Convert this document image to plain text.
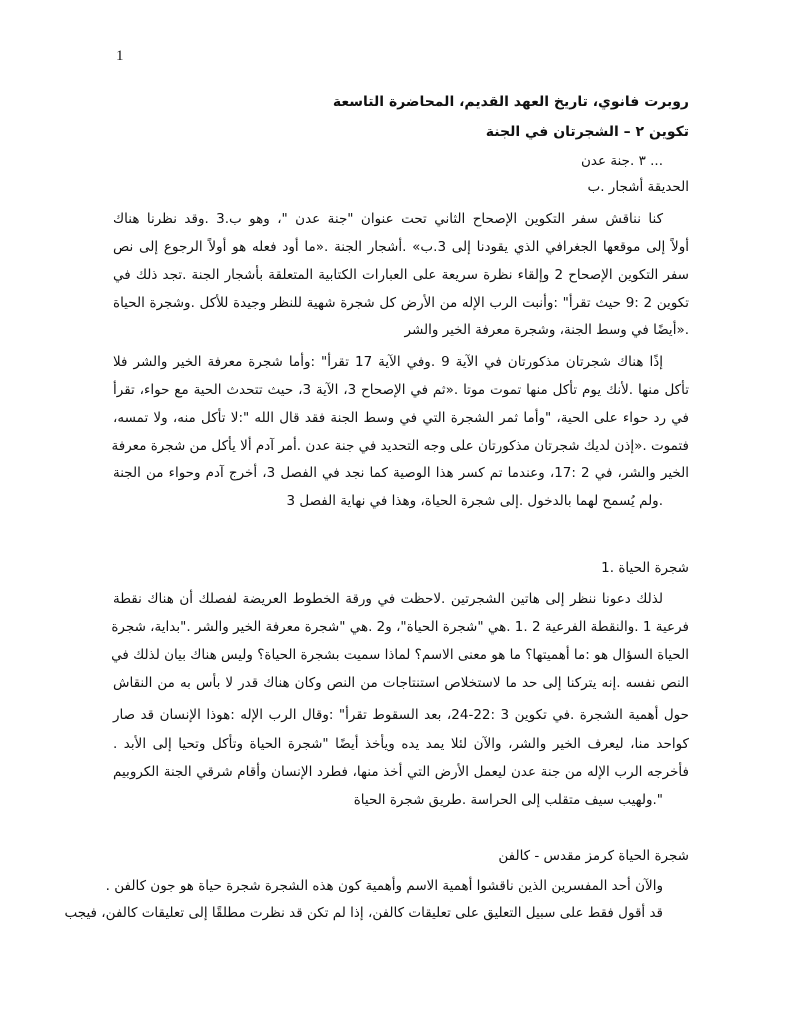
1
روبرت فانوي، تاريخ العهد القديم، المحاضرة التاسعة
تكوين ٢ – الشجرتان في الجنة
... ٣ .جنة عدن
الحديقة أشجار .ب
كنا نناقش سفر التكوين الإصحاح الثاني تحت عنوان "جنة عدن "، وهو ب.3 .وقد نظرنا هناك
أولاً إلى موقعها الجغرافي الذي يقودنا إلى 3.ب» .أشجار الجنة .«ما أود فعله هو أولاً الرجوع إلى نص
سفر التكوين الإصحاح 2 وإلقاء نظرة سريعة على العبارات الكتابية المتعلقة بأشجار الجنة .تجد ذلك في
تكوين 2 :9 حيث تقرأ" :وأنبت الرب الإله من الأرض كل شجرة شهية للنظر وجيدة للأكل .وشجرة الحياة
.«أيضًا في وسط الجنة، وشجرة معرفة الخير والشر
إذًا هناك شجرتان مذكورتان في الآية 9 .وفي الآية 17 تقرأ" :وأما شجرة معرفة الخير والشر فلا
تأكل منها .لأنك يوم تأكل منها تموت موتا .«ثم في الإصحاح 3، الآية 3، حيث تتحدث الحية مع حواء، تقرأ
في رد حواء على الحية، "وأما ثمر الشجرة التي في وسط الجنة فقد قال الله ":لا تأكل منه، ولا تمسه،
فتموت .«إذن لديك شجرتان مذكورتان على وجه التحديد في جنة عدن .أمر آدم ألا يأكل من شجرة معرفة
الخير والشر، في 2 :17، وعندما تم كسر هذا الوصية كما نجد في الفصل 3، أخرج آدم وحواء من الجنة
.ولم يُسمح لهما بالدخول .إلى شجرة الحياة، وهذا في نهاية الفصل 3
شجرة الحياة .1
لذلك دعونا ننظر إلى هاتين الشجرتين .لاحظت في ورقة الخطوط العريضة لفصلك أن هناك نقطة
فرعية 1 .والنقطة الفرعية 2 .1 .هي "شجرة الحياة"، و2 .هي "شجرة معرفة الخير والشر ."بداية، شجرة
الحياة السؤال هو :ما أهميتها؟ ما هو معنى الاسم؟ لماذا سميت بشجرة الحياة؟ وليس هناك بيان لذلك في
النص نفسه .إنه يتركنا إلى حد ما لاستخلاص استنتاجات من النص وكان هناك قدر لا بأس به من النقاش
حول أهمية الشجرة .في تكوين 3 :22-24، بعد السقوط تقرأ" :وقال الرب الإله :هوذا الإنسان قد صار
كواحد منا، ليعرف الخير والشر، والآن لئلا يمد يده ويأخذ أيضًا "شجرة الحياة وتأكل وتحيا إلى الأبد .
فأخرجه الرب الإله من جنة عدن ليعمل الأرض التي أخذ منها، فطرد الإنسان وأقام شرقي الجنة الكروبيم
".ولهيب سيف متقلب إلى الحراسة .طريق شجرة الحياة
شجرة الحياة كرمز مقدس - كالفن
والآن أحد المفسرين الذين ناقشوا أهمية الاسم وأهمية كون هذه الشجرة شجرة حياة هو جون كالفن .
قد أقول فقط على سبيل التعليق على تعليقات كالفن، إذا لم تكن قد نظرت مطلقًا إلى تعليقات كالفن، فيجب
